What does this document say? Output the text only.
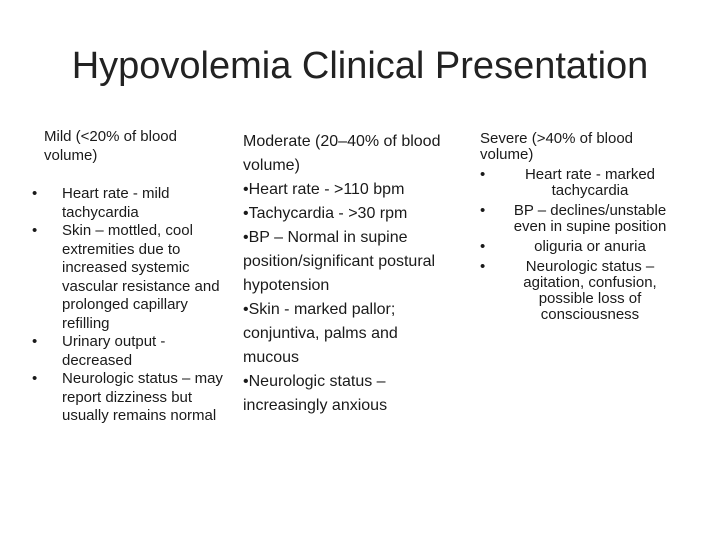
Hypovolemia Clinical Presentation

Mild (<20% of blood volume)

• Heart rate - mild tachycardia
• Skin – mottled, cool extremities due to increased systemic vascular resistance and prolonged capillary refilling
• Urinary output - decreased
• Neurologic status – may report dizziness but usually remains normal

Moderate (20–40% of blood volume)

•Heart rate - >110 bpm
•Tachycardia - >30 rpm
•BP – Normal in supine position/significant postural hypotension
•Skin - marked pallor; conjuntiva, palms and mucous
•Neurologic status – increasingly anxious

Severe (>40% of blood volume)

•	Heart rate - marked tachycardia
•	BP – declines/unstable even in supine position
•	oliguria or anuria
•	Neurologic status – agitation, confusion, possible loss of consciousness
